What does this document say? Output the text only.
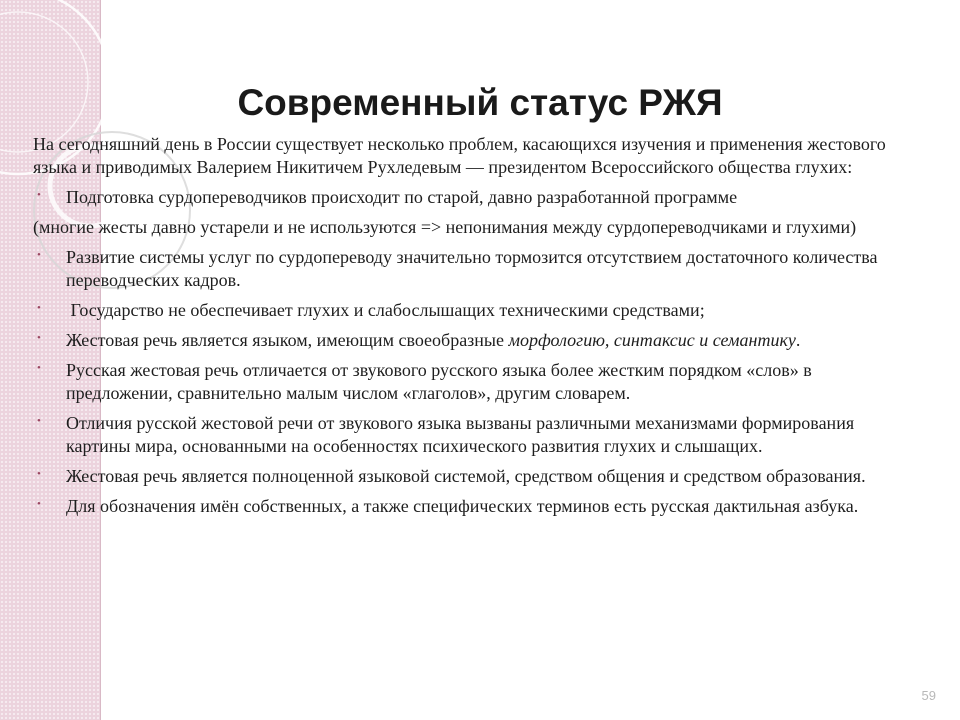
Современный статус РЖЯ

На сегодняшний день в России существует несколько проблем, касающихся изучения и применения жестового языка и приводимых Валерием Никитичем Рухледевым — президентом Всероссийского общества глухих:

• Подготовка сурдопереводчиков происходит по старой, давно разработанной программе

(многие жесты давно устарели и не используются => непонимания между сурдопереводчиками и глухими)

• Развитие системы услуг по сурдопереводу значительно тормозится отсутствием достаточного количества переводческих кадров.

• Государство не обеспечивает глухих и слабослышащих техническими средствами;

• Жестовая речь является языком, имеющим своеобразные морфологию, синтаксис и семантику.

• Русская жестовая речь отличается от звукового русского языка более жестким порядком «слов» в предложении, сравнительно малым числом «глаголов», другим словарем.

• Отличия русской жестовой речи от звукового языка вызваны различными механизмами формирования картины мира, основанными на особенностях психического развития глухих и слышащих.

• Жестовая речь является полноценной языковой системой, средством общения и средством образования.

• Для обозначения имён собственных, а также специфических терминов есть русская дактильная азбука.

59
